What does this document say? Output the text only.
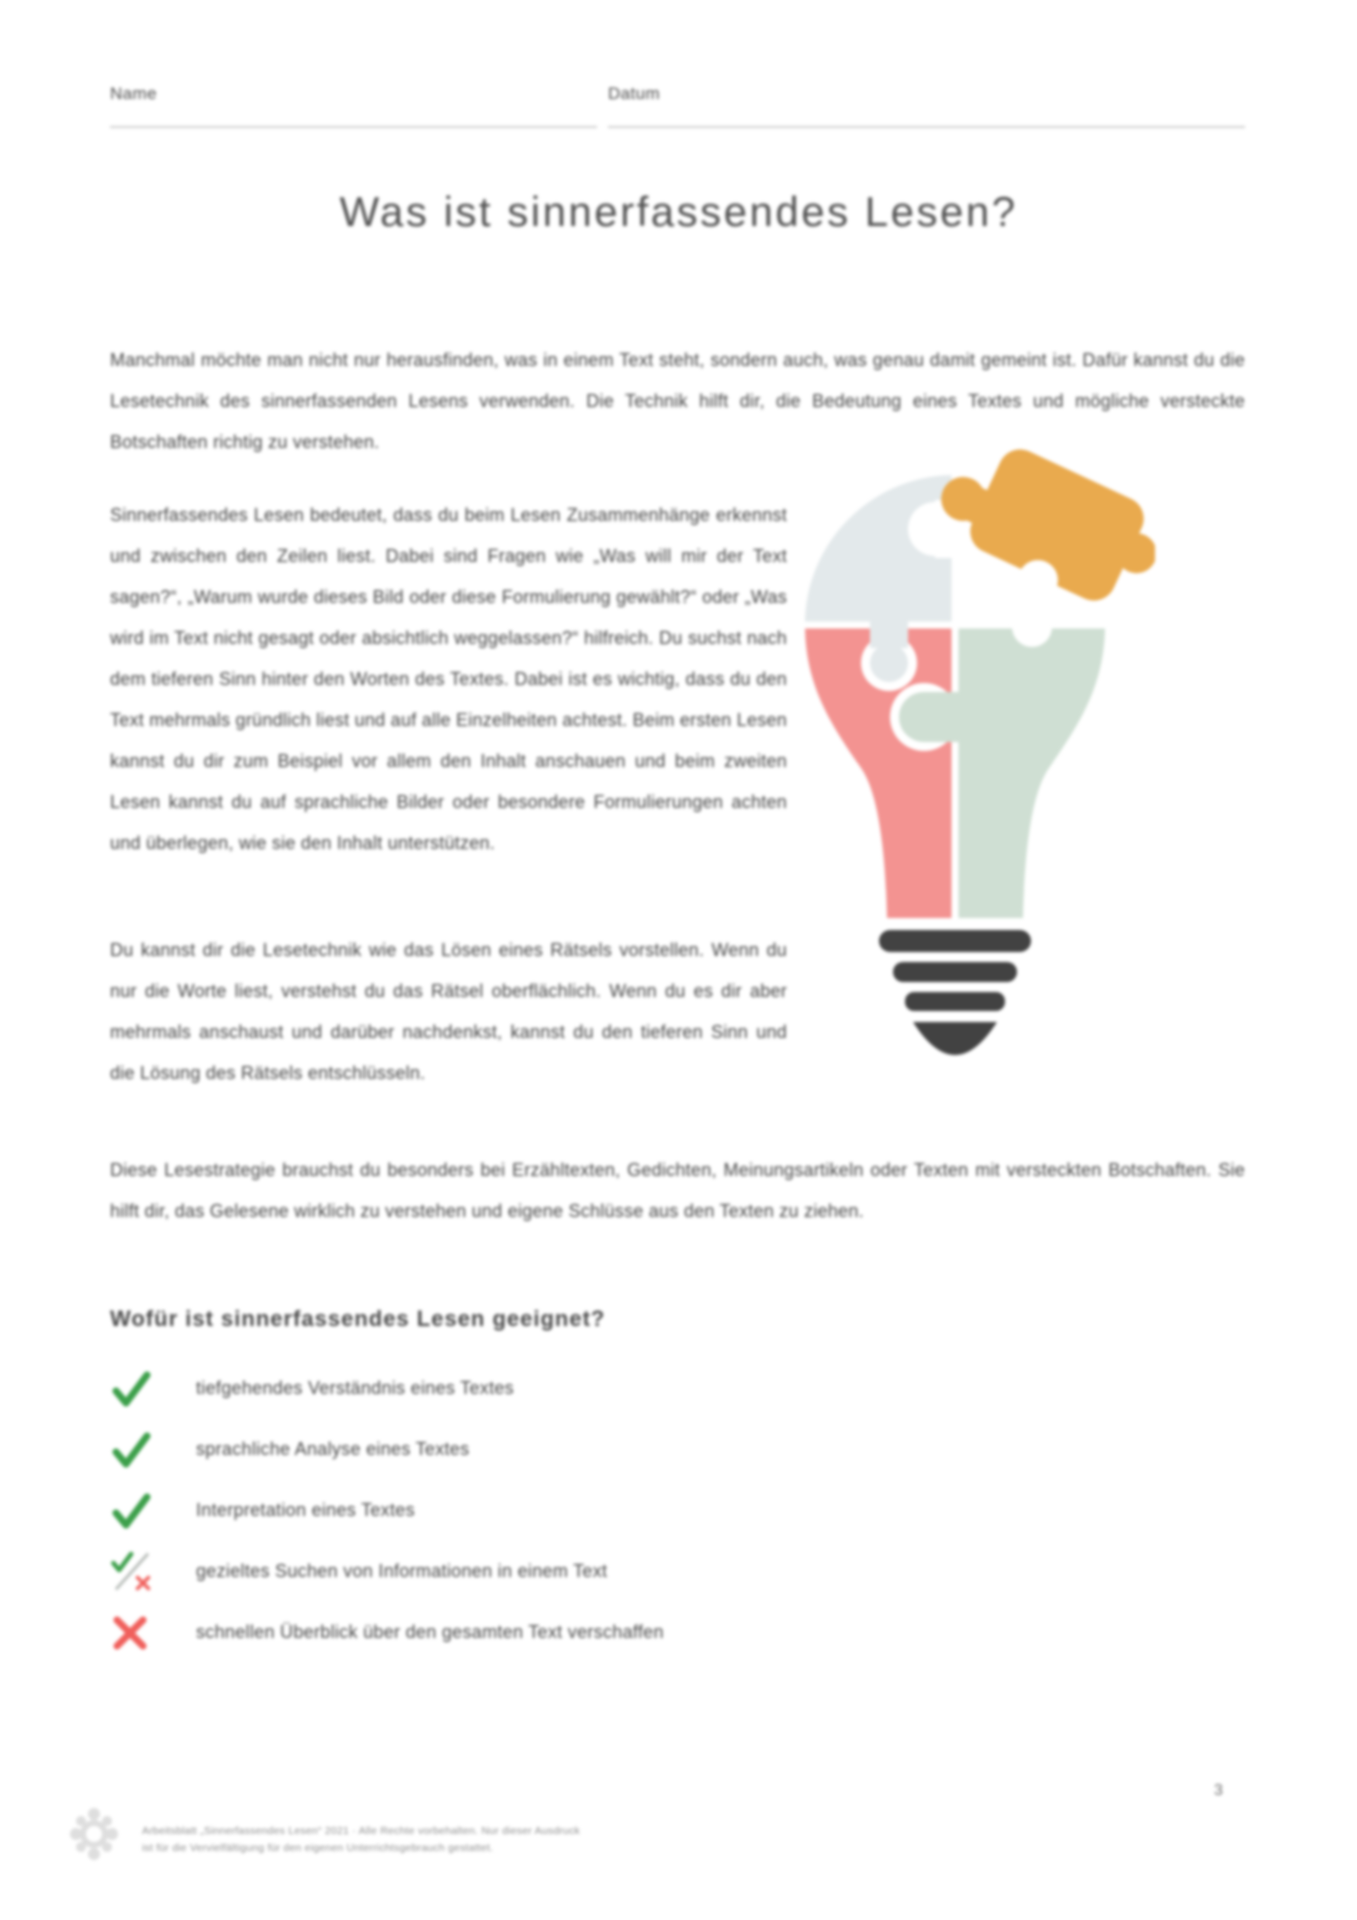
Name	Datum
Was ist sinnerfassendes Lesen?

Manchmal möchte man nicht nur herausfinden, was in einem Text steht, sondern auch, was genau damit gemeint ist. Dafür kannst du die Lesetechnik des sinnerfassenden Lesens verwenden. Die Technik hilft dir, die Bedeutung eines Textes und mögliche versteckte Botschaften richtig zu verstehen.

Sinnerfassendes Lesen bedeutet, dass du beim Lesen Zusammenhänge erkennst und zwischen den Zeilen liest. Dabei sind Fragen wie „Was will mir der Text sagen?“, „Warum wurde dieses Bild oder diese Formulierung gewählt?“ oder „Was wird im Text nicht gesagt oder absichtlich weggelassen?“ hilfreich. Du suchst nach dem tieferen Sinn hinter den Worten des Textes. Dabei ist es wichtig, dass du den Text mehrmals gründlich liest und auf alle Einzelheiten achtest. Beim ersten Lesen kannst du dir zum Beispiel vor allem den Inhalt anschauen und beim zweiten Lesen kannst du auf sprachliche Bilder oder besondere Formulierungen achten und überlegen, wie sie den Inhalt unterstützen.

Du kannst dir die Lesetechnik wie das Lösen eines Rätsels vorstellen. Wenn du nur die Worte liest, verstehst du das Rätsel oberflächlich. Wenn du es dir aber mehrmals anschaust und darüber nachdenkst, kannst du den tieferen Sinn und die Lösung des Rätsels entschlüsseln.

Diese Lesestrategie brauchst du besonders bei Erzähltexten, Gedichten, Meinungsartikeln oder Texten mit versteckten Botschaften. Sie hilft dir, das Gelesene wirklich zu verstehen und eigene Schlüsse aus den Texten zu ziehen.

Wofür ist sinnerfassendes Lesen geeignet?
tiefgehendes Verständnis eines Textes
sprachliche Analyse eines Textes
Interpretation eines Textes
gezieltes Suchen von Informationen in einem Text
schnellen Überblick über den gesamten Text verschaffen

Arbeitsblatt „Sinnerfassendes Lesen“ 2021 · Alle Rechte vorbehalten. Nur dieser Ausdruck ist für die Vervielfältigung für den eigenen Unterrichtsgebrauch gestattet.

3
